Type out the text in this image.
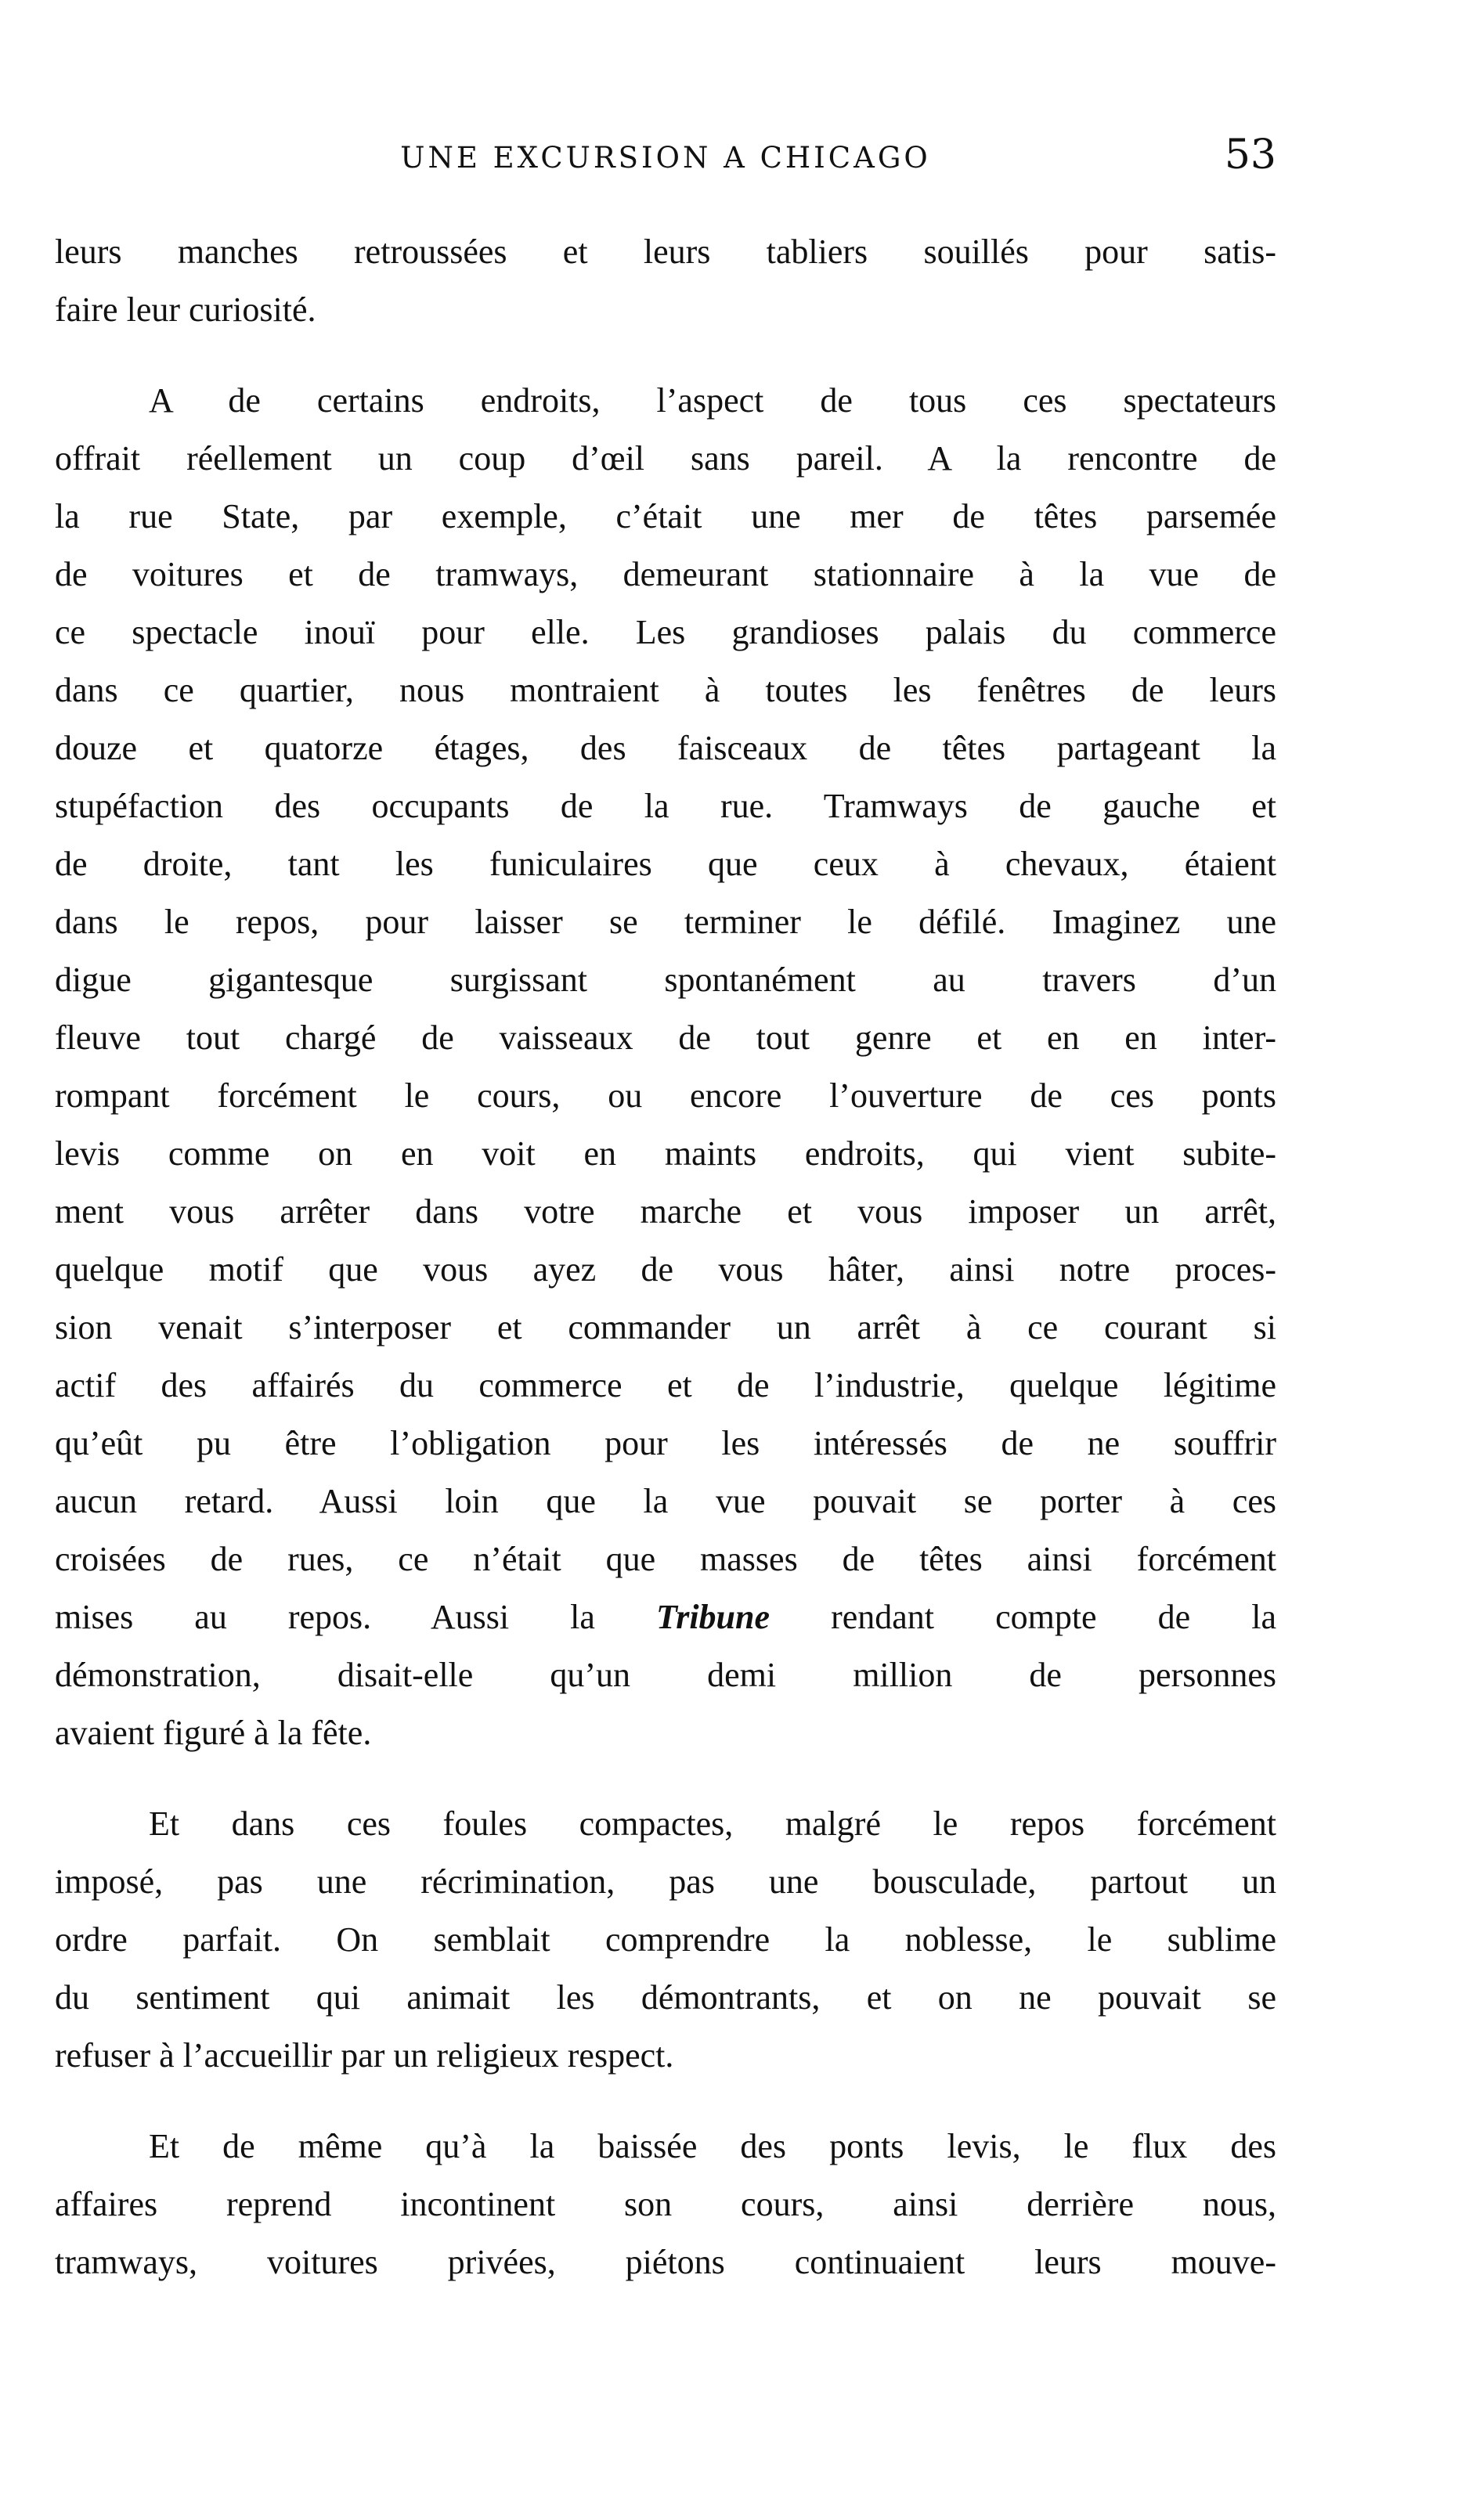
UNE EXCURSION A CHICAGO	53
leurs manches retroussées et leurs tabliers souillés pour satis-
faire leur curiosité.
A de certains endroits, l’aspect de tous ces spectateurs
offrait réellement un coup d’œil sans pareil. A la rencontre de
la rue State, par exemple, c’était une mer de têtes parsemée
de voitures et de tramways, demeurant stationnaire à la vue de
ce spectacle inouï pour elle. Les grandioses palais du commerce
dans ce quartier, nous montraient à toutes les fenêtres de leurs
douze et quatorze étages, des faisceaux de têtes partageant la
stupéfaction des occupants de la rue. Tramways de gauche et
de droite, tant les funiculaires que ceux à chevaux, étaient
dans le repos, pour laisser se terminer le défilé. Imaginez une
digue gigantesque surgissant spontanément au travers d’un
fleuve tout chargé de vaisseaux de tout genre et en en inter-
rompant forcément le cours, ou encore l’ouverture de ces ponts
levis comme on en voit en maints endroits, qui vient subite-
ment vous arrêter dans votre marche et vous imposer un arrêt,
quelque motif que vous ayez de vous hâter, ainsi notre proces-
sion venait s’interposer et commander un arrêt à ce courant si
actif des affairés du commerce et de l’industrie, quelque légitime
qu’eût pu être l’obligation pour les intéressés de ne souffrir
aucun retard. Aussi loin que la vue pouvait se porter à ces
croisées de rues, ce n’était que masses de têtes ainsi forcément
mises au repos. Aussi la Tribune rendant compte de la
démonstration, disait-elle qu’un demi million de personnes
avaient figuré à la fête.
Et dans ces foules compactes, malgré le repos forcément
imposé, pas une récrimination, pas une bousculade, partout un
ordre parfait. On semblait comprendre la noblesse, le sublime
du sentiment qui animait les démontrants, et on ne pouvait se
refuser à l’accueillir par un religieux respect.
Et de même qu’à la baissée des ponts levis, le flux des
affaires reprend incontinent son cours, ainsi derrière nous,
tramways, voitures privées, piétons continuaient leurs mouve-
